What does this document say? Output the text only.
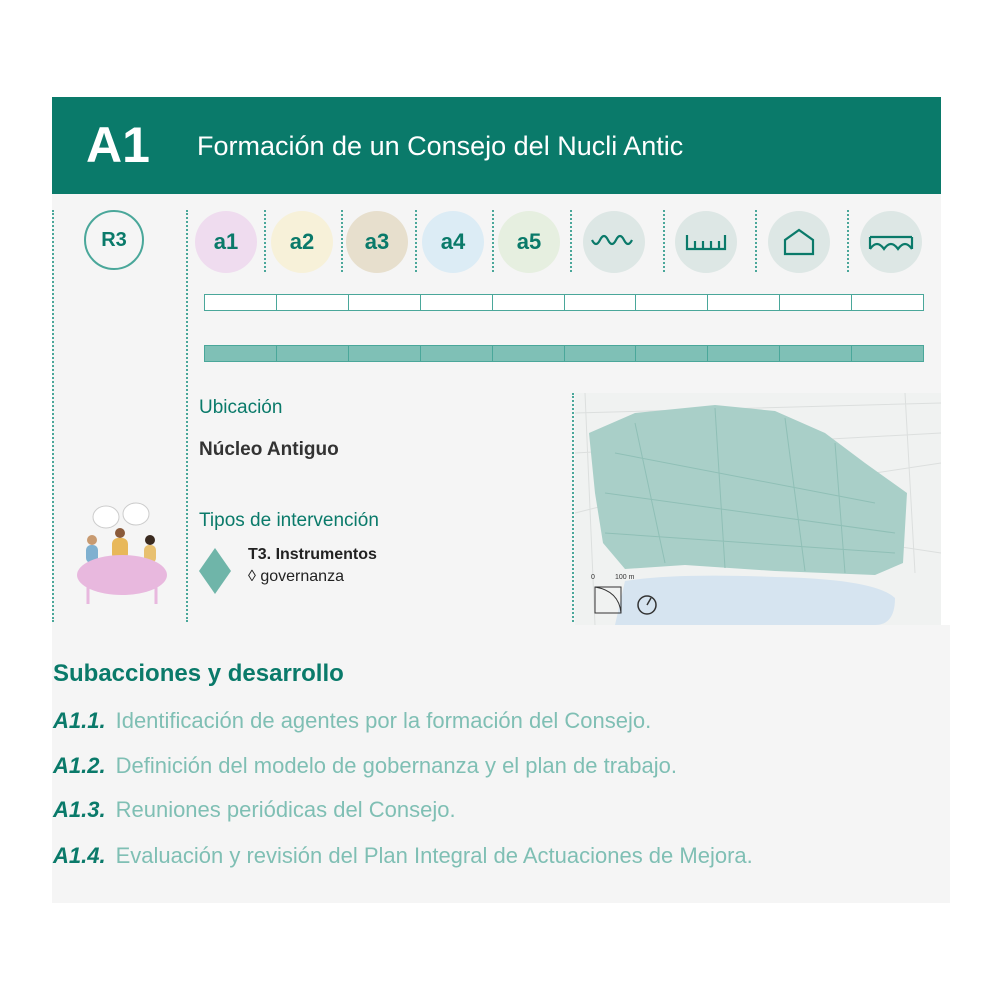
A1 Formación de un Consejo del Nucli Antic
R3	a1 a2 a3 a4 a5
Ubicación
Núcleo Antiguo
Tipos de intervención
T3. Instrumentos
◊ governanza	0	100 m
Subacciones y desarrollo
A1.1. Identificación de agentes por la formación del Consejo.
A1.2. Definición del modelo de gobernanza y el plan de trabajo.
A1.3. Reuniones periódicas del Consejo.
A1.4. Evaluación y revisión del Plan Integral de Actuaciones de Mejora.
